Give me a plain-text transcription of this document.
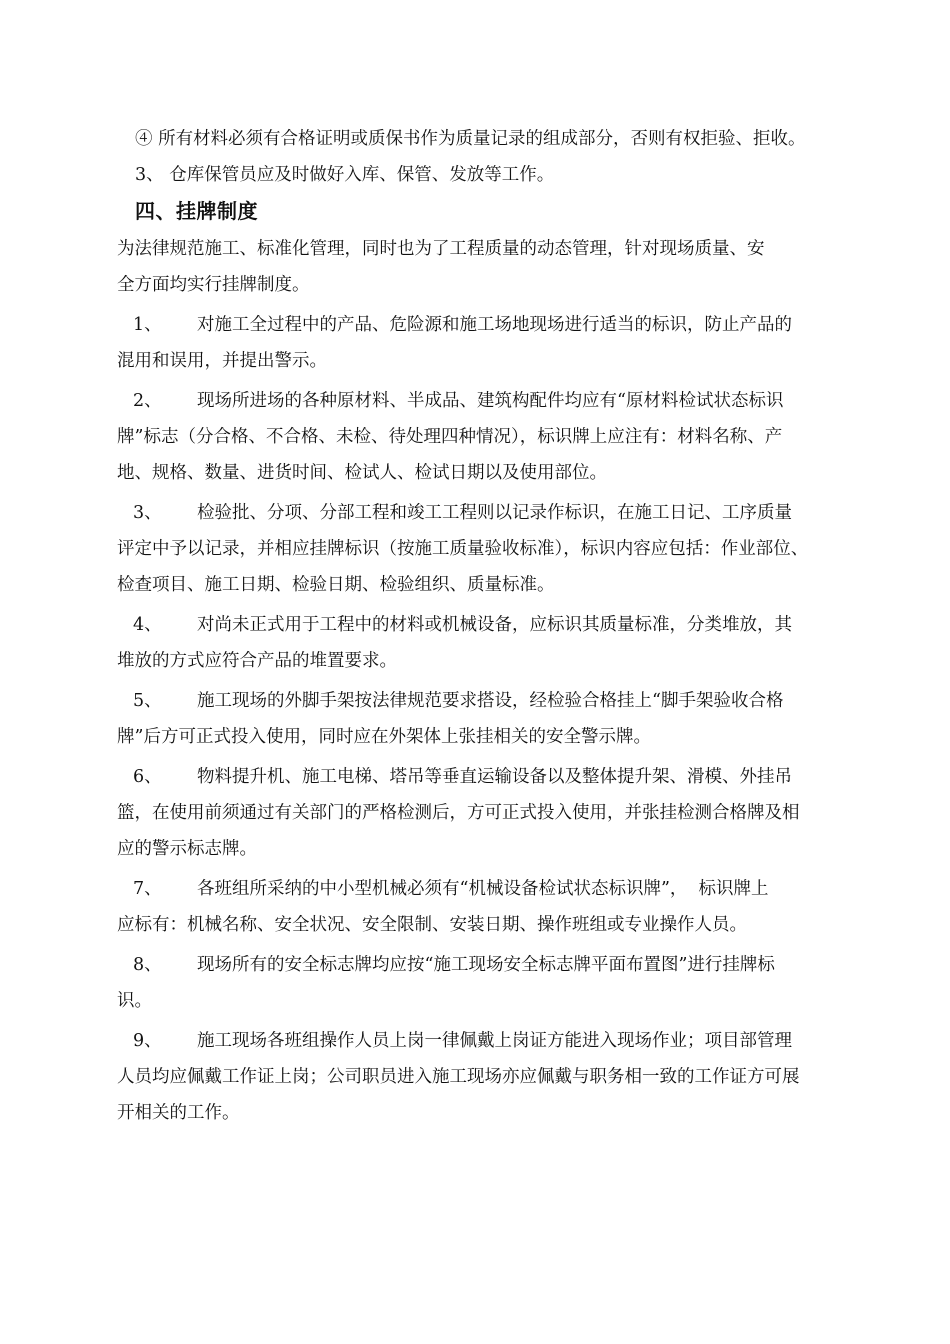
④ 所有材料必须有合格证明或质保书作为质量记录的组成部分，否则有权拒验、拒收。
3、 仓库保管员应及时做好入库、保管、发放等工作。
四、挂牌制度
为法律规范施工、标准化管理，同时也为了工程质量的动态管理，针对现场质量、安
全方面均实行挂牌制度。
1、 对施工全过程中的产品、危险源和施工场地现场进行适当的标识，防止产品的
混用和误用，并提出警示。
2、 现场所进场的各种原材料、半成品、建筑构配件均应有“原材料检试状态标识
牌”标志（分合格、不合格、未检、待处理四种情况），标识牌上应注有：材料名称、产
地、规格、数量、进货时间、检试人、检试日期以及使用部位。
3、 检验批、分项、分部工程和竣工工程则以记录作标识，在施工日记、工序质量
评定中予以记录，并相应挂牌标识（按施工质量验收标准），标识内容应包括：作业部位、
检查项目、施工日期、检验日期、检验组织、质量标准。
4、 对尚未正式用于工程中的材料或机械设备，应标识其质量标准，分类堆放，其
堆放的方式应符合产品的堆置要求。
5、 施工现场的外脚手架按法律规范要求搭设，经检验合格挂上“脚手架验收合格
牌”后方可正式投入使用，同时应在外架体上张挂相关的安全警示牌。
6、 物料提升机、施工电梯、塔吊等垂直运输设备以及整体提升架、滑模、外挂吊
篮，在使用前须通过有关部门的严格检测后，方可正式投入使用，并张挂检测合格牌及相
应的警示标志牌。
7、 各班组所采纳的中小型机械必须有“机械设备检试状态标识牌”，  标识牌上
应标有：机械名称、安全状况、安全限制、安装日期、操作班组或专业操作人员。
8、 现场所有的安全标志牌均应按“施工现场安全标志牌平面布置图”进行挂牌标
识。
9、 施工现场各班组操作人员上岗一律佩戴上岗证方能进入现场作业；项目部管理
人员均应佩戴工作证上岗；公司职员进入施工现场亦应佩戴与职务相一致的工作证方可展
开相关的工作。
